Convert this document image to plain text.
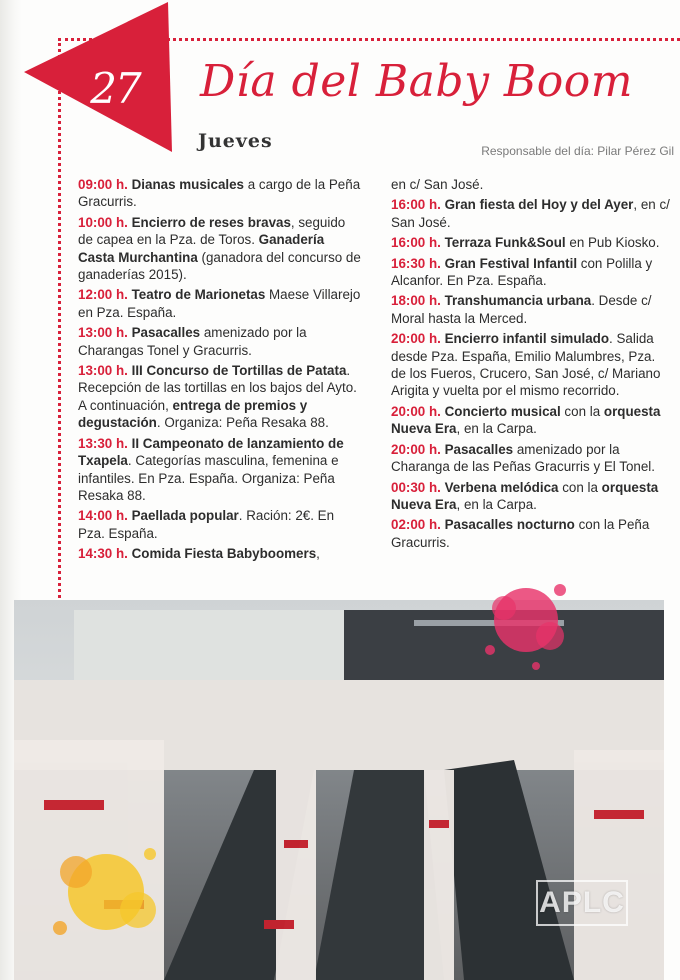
27 Día del Baby Boom
Jueves	Responsable del día: Pilar Pérez Gil
09:00 h. Dianas musicales a cargo de la Peña Gracurris.
10:00 h. Encierro de reses bravas, seguido de capea en la Pza. de Toros. Ganadería Casta Murchantina (ganadora del concurso de ganaderías 2015).
12:00 h. Teatro de Marionetas Maese Villarejo en Pza. España.
13:00 h. Pasacalles amenizado por la Charangas Tonel y Gracurris.
13:00 h. III Concurso de Tortillas de Patata. Recepción de las tortillas en los bajos del Ayto. A continuación, entrega de premios y degustación. Organiza: Peña Resaka 88.
13:30 h. II Campeonato de lanzamiento de Txapela. Categorías masculina, femenina e infantiles. En Pza. España. Organiza: Peña Resaka 88.
14:00 h. Paellada popular. Ración: 2€. En Pza. España.
14:30 h. Comida Fiesta Babyboomers,
en c/ San José.
16:00 h. Gran fiesta del Hoy y del Ayer, en c/ San José.
16:00 h. Terraza Funk&Soul en Pub Kiosko.
16:30 h. Gran Festival Infantil con Polilla y Alcanfor. En Pza. España.
18:00 h. Transhumancia urbana. Desde c/ Moral hasta la Merced.
20:00 h. Encierro infantil simulado. Salida desde Pza. España, Emilio Malumbres, Pza. de los Fueros, Crucero, San José, c/ Mariano Arigita y vuelta por el mismo recorrido.
20:00 h. Concierto musical con la orquesta Nueva Era, en la Carpa.
20:00 h. Pasacalles amenizado por la Charanga de las Peñas Gracurris y El Tonel.
00:30 h. Verbena melódica con la orquesta Nueva Era, en la Carpa.
02:00 h. Pasacalles nocturno con la Peña Gracurris.
APLC
